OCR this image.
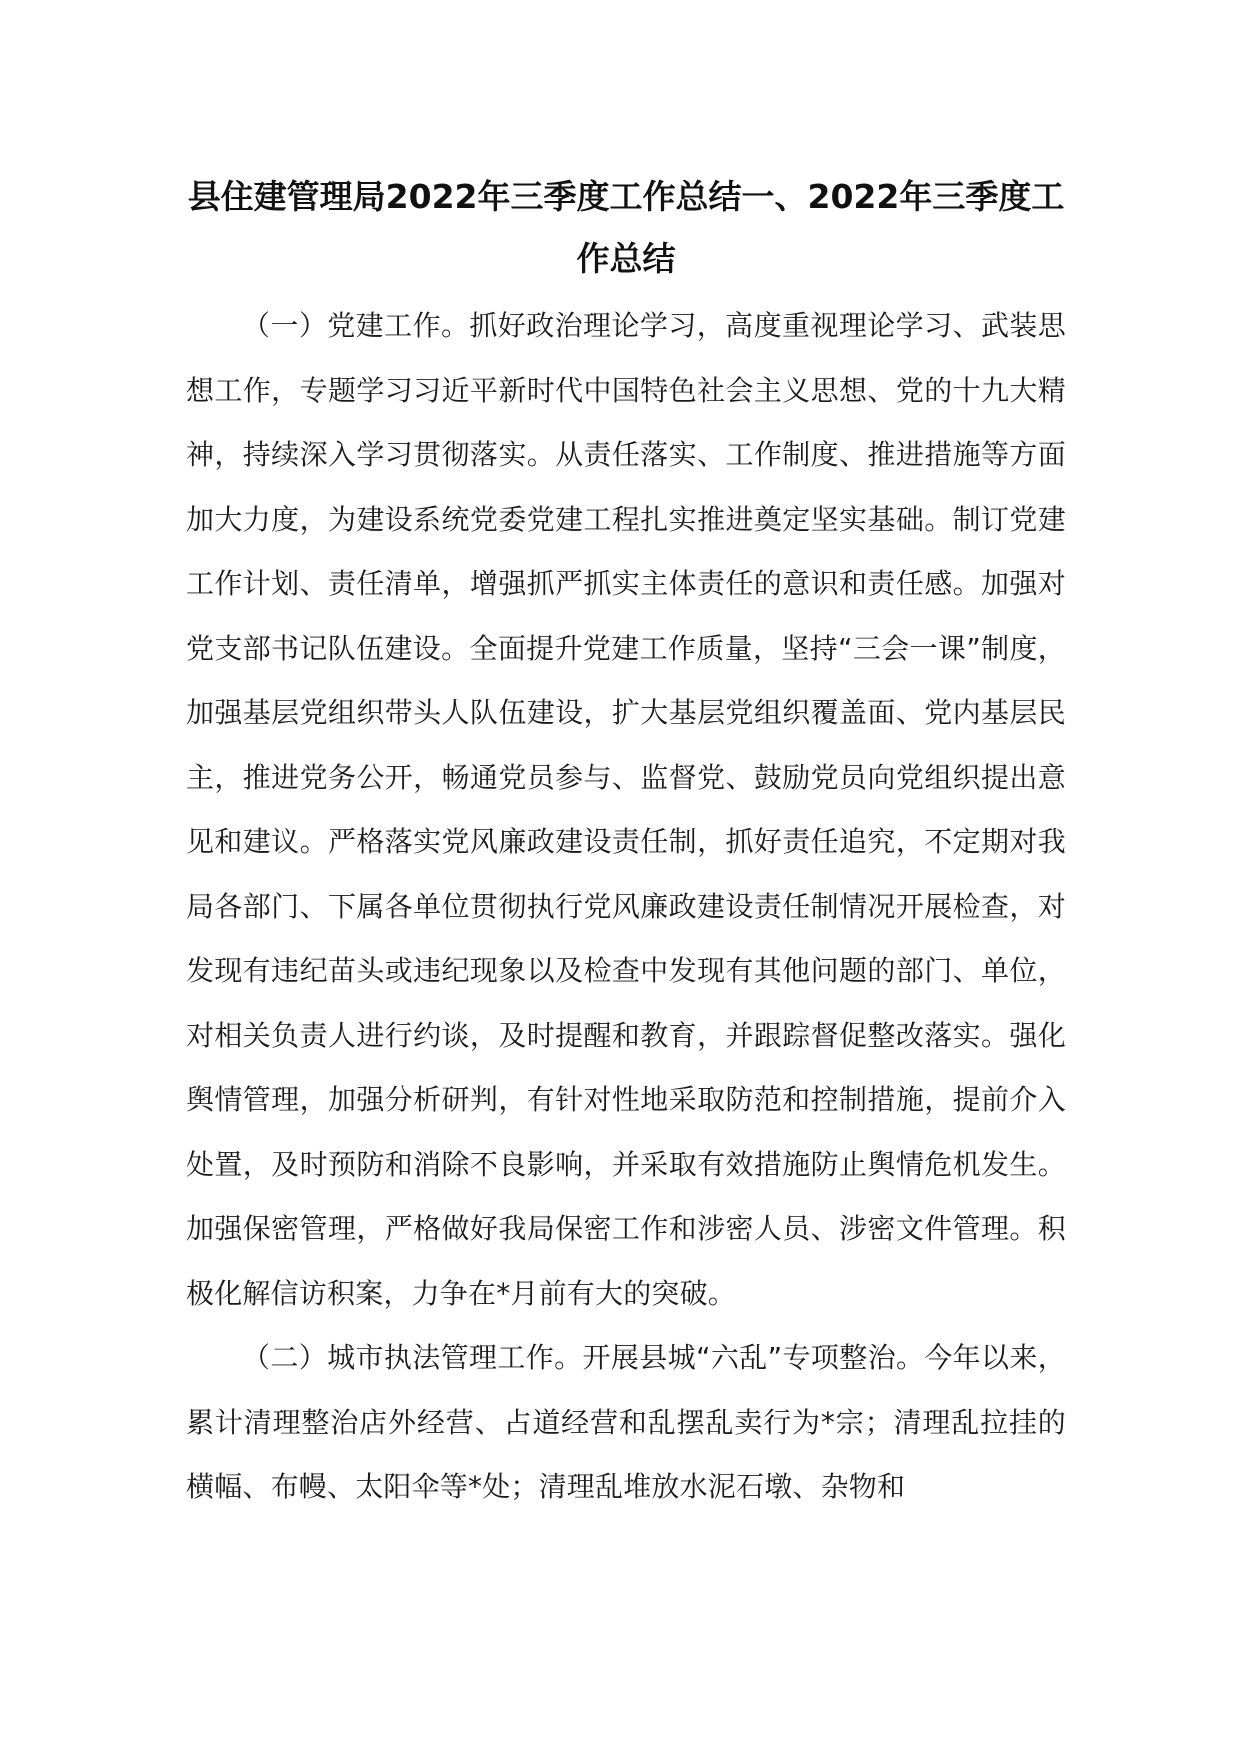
县住建管理局2022年三季度工作总结一、2022年三季度工作总结

（一）党建工作。抓好政治理论学习，高度重视理论学习、武装思想工作，专题学习习近平新时代中国特色社会主义思想、党的十九大精神，持续深入学习贯彻落实。从责任落实、工作制度、推进措施等方面加大力度，为建设系统党委党建工程扎实推进奠定坚实基础。制订党建工作计划、责任清单，增强抓严抓实主体责任的意识和责任感。加强对党支部书记队伍建设。全面提升党建工作质量，坚持“三会一课”制度，加强基层党组织带头人队伍建设，扩大基层党组织覆盖面、党内基层民主，推进党务公开，畅通党员参与、监督党、鼓励党员向党组织提出意见和建议。严格落实党风廉政建设责任制，抓好责任追究，不定期对我局各部门、下属各单位贯彻执行党风廉政建设责任制情况开展检查，对发现有违纪苗头或违纪现象以及检查中发现有其他问题的部门、单位，对相关负责人进行约谈，及时提醒和教育，并跟踪督促整改落实。强化舆情管理，加强分析研判，有针对性地采取防范和控制措施，提前介入处置，及时预防和消除不良影响，并采取有效措施防止舆情危机发生。加强保密管理，严格做好我局保密工作和涉密人员、涉密文件管理。积极化解信访积案，力争在*月前有大的突破。

（二）城市执法管理工作。开展县城“六乱”专项整治。今年以来，累计清理整治店外经营、占道经营和乱摆乱卖行为*宗；清理乱拉挂的横幅、布幔、太阳伞等*处；清理乱堆放水泥石墩、杂物和
